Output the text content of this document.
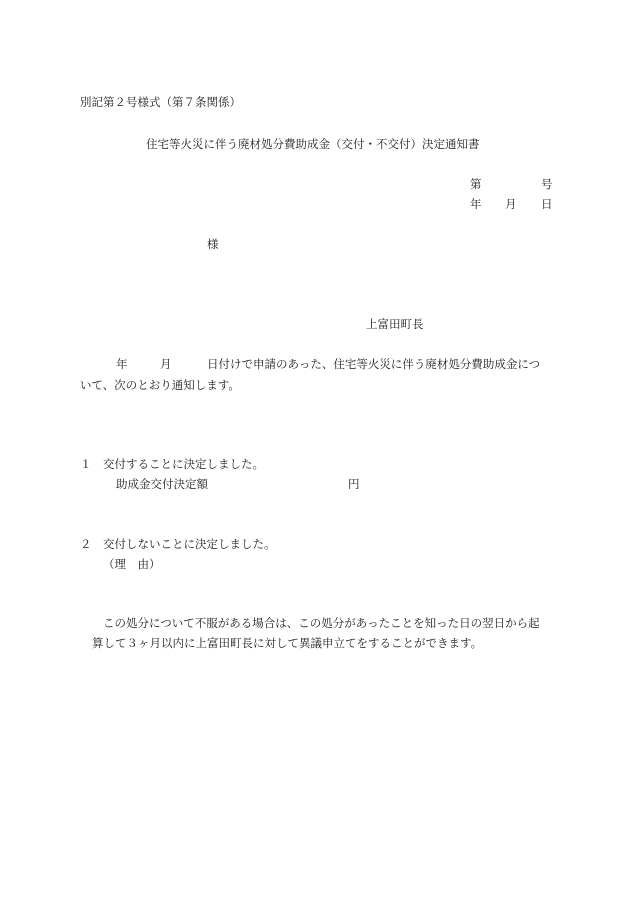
別記第２号様式（第７条関係）
住宅等火災に伴う廃材処分費助成金（交付・不交付）決定通知書
第	号
年 月 日
様
上富田町長
年	月	日付けで申請のあった、住宅等火災に伴う廃材処分費助成金につ
いて、次のとおり通知します。
１ 交付することに決定しました。
助成金交付決定額	円
２ 交付しないことに決定しました。
（理　由）
この処分について不服がある場合は、この処分があったことを知った日の翌日から起
算して３ヶ月以内に上富田町長に対して異議申立てをすることができます。
